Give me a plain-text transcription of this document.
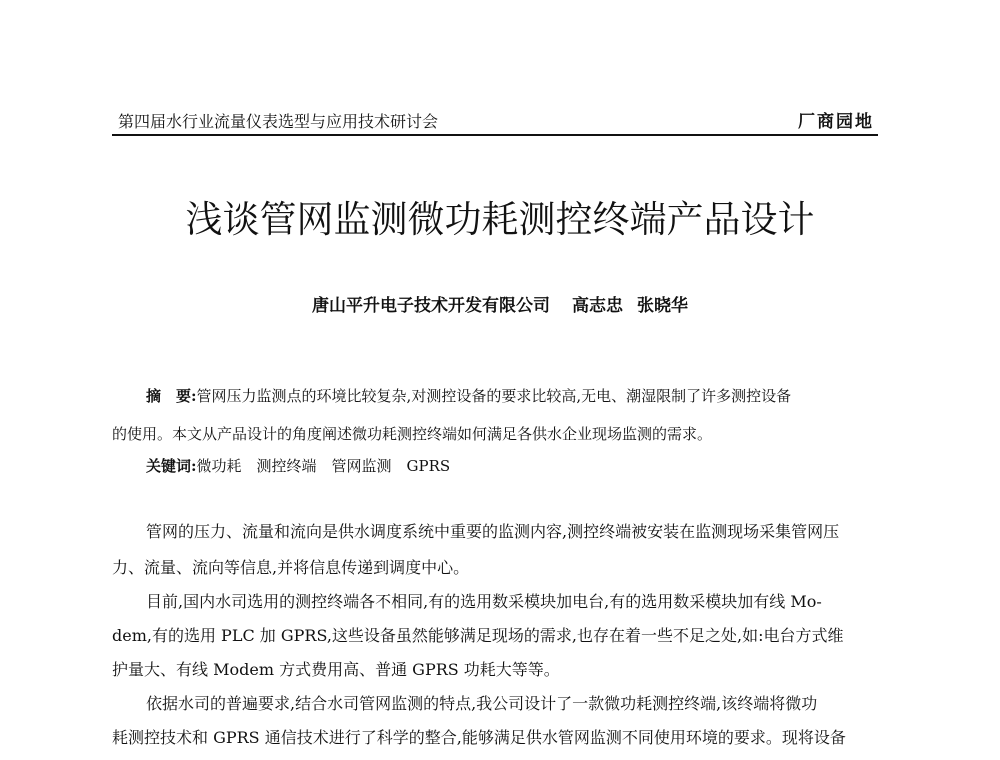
第四届水行业流量仪表选型与应用技术研讨会	厂商园地
浅谈管网监测微功耗测控终端产品设计
唐山平升电子技术开发有限公司 高志忠 张晓华
摘　要:管网压力监测点的环境比较复杂,对测控设备的要求比较高,无电、潮湿限制了许多测控设备
的使用。本文从产品设计的角度阐述微功耗测控终端如何满足各供水企业现场监测的需求。
关键词:微功耗　测控终端　管网监测　GPRS
管网的压力、流量和流向是供水调度系统中重要的监测内容,测控终端被安装在监测现场采集管网压
力、流量、流向等信息,并将信息传递到调度中心。
目前,国内水司选用的测控终端各不相同,有的选用数采模块加电台,有的选用数采模块加有线 Mo-
dem,有的选用 PLC 加 GPRS,这些设备虽然能够满足现场的需求,也存在着一些不足之处,如:电台方式维
护量大、有线 Modem 方式费用高、普通 GPRS 功耗大等等。
依据水司的普遍要求,结合水司管网监测的特点,我公司设计了一款微功耗测控终端,该终端将微功
耗测控技术和 GPRS 通信技术进行了科学的整合,能够满足供水管网监测不同使用环境的要求。现将设备
